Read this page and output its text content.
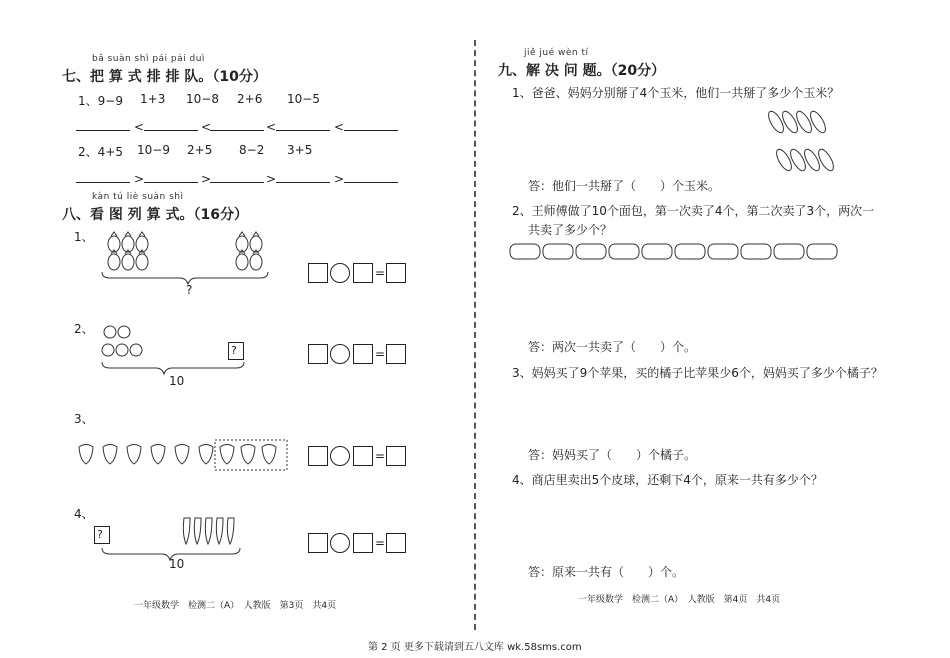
bǎ suàn shì pái pái duì
七、把 算 式 排 排 队。（10分）
1、9−9 1+3 10−8 2+6 10−5
<	<	<	<
2、4+5 10−9 2+5 8−2 3+5
>	>	>	>
kàn tú liè suàn shì
八、看 图 列 算 式。（16分）
1、
?
=
2、
?
10
=
3、
=
4、
?
10
=
一年级数学　检测二（A）　人教版　第3页　共4页
jiě jué wèn tí
九、解 决 问 题。（20分）
1、爸爸、妈妈分别掰了4个玉米，他们一共掰了多少个玉米？
答：他们一共掰了（　　）个玉米。
2、王师傅做了10个面包，第一次卖了4个，第二次卖了3个，两次一
共卖了多少个？
答：两次一共卖了（　　）个。
3、妈妈买了9个苹果，买的橘子比苹果少6个，妈妈买了多少个橘子？
答：妈妈买了（　　）个橘子。
4、商店里卖出5个皮球，还剩下4个，原来一共有多少个？
答：原来一共有（　　）个。
一年级数学　检测二（A）　人教版　第4页　共4页
第 2 页 更多下载请到五八文库 wk.58sms.com
